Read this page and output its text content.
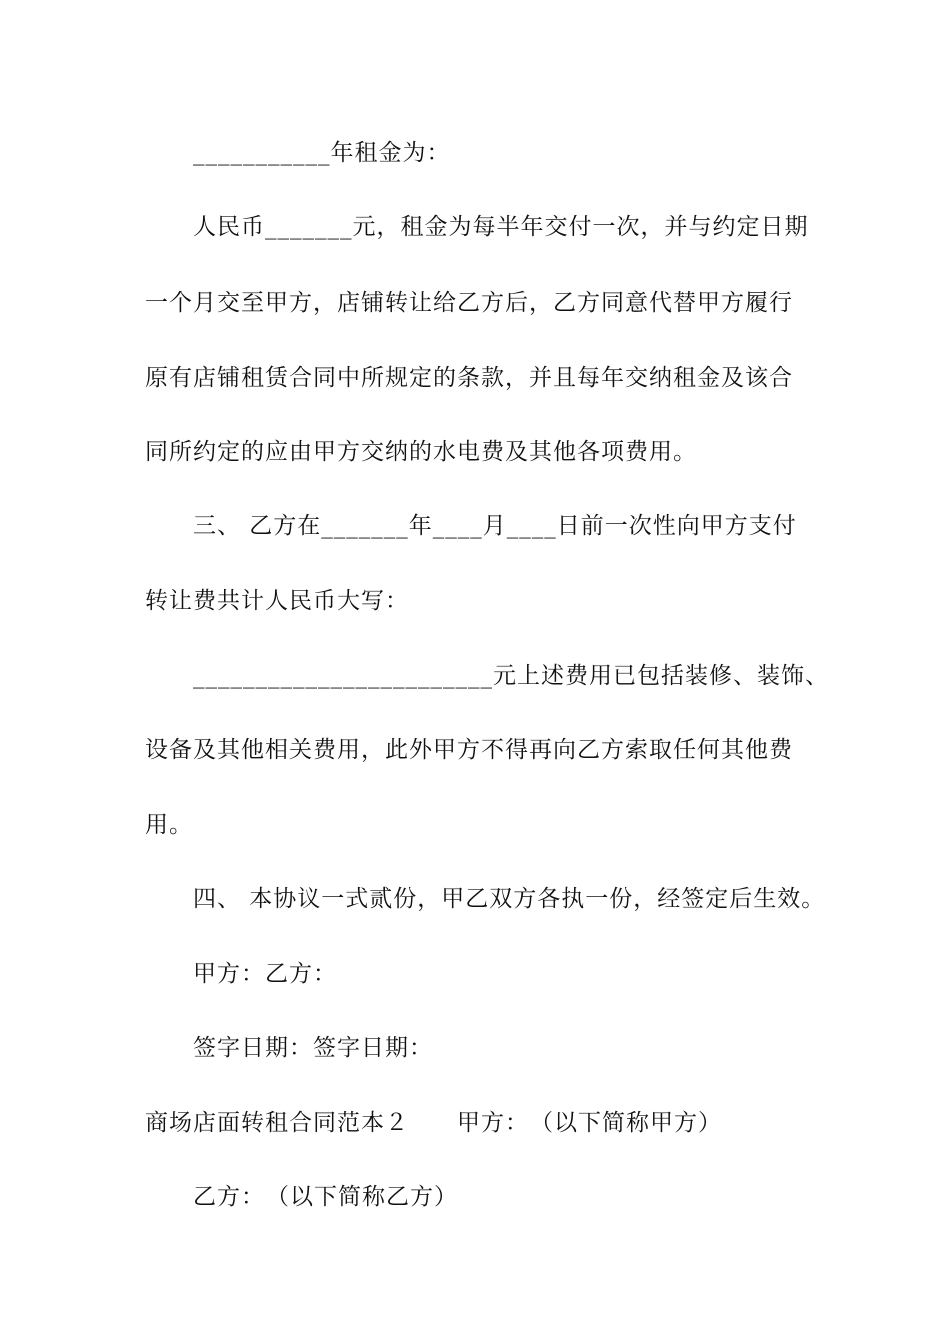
___________年租金为：
人民币_______元，租金为每半年交付一次，并与约定日期
一个月交至甲方，店铺转让给乙方后，乙方同意代替甲方履行
原有店铺租赁合同中所规定的条款，并且每年交纳租金及该合
同所约定的应由甲方交纳的水电费及其他各项费用。
三、 乙方在_______年____月____日前一次性向甲方支付
转让费共计人民币大写：
________________________元上述费用已包括装修、装饰、
设备及其他相关费用，此外甲方不得再向乙方索取任何其他费
用。
四、 本协议一式贰份，甲乙双方各执一份，经签定后生效。
甲方：乙方：
签字日期：签字日期：
商场店面转租合同范本２　　甲方：　（以下简称甲方）
乙方：　（以下简称乙方）
